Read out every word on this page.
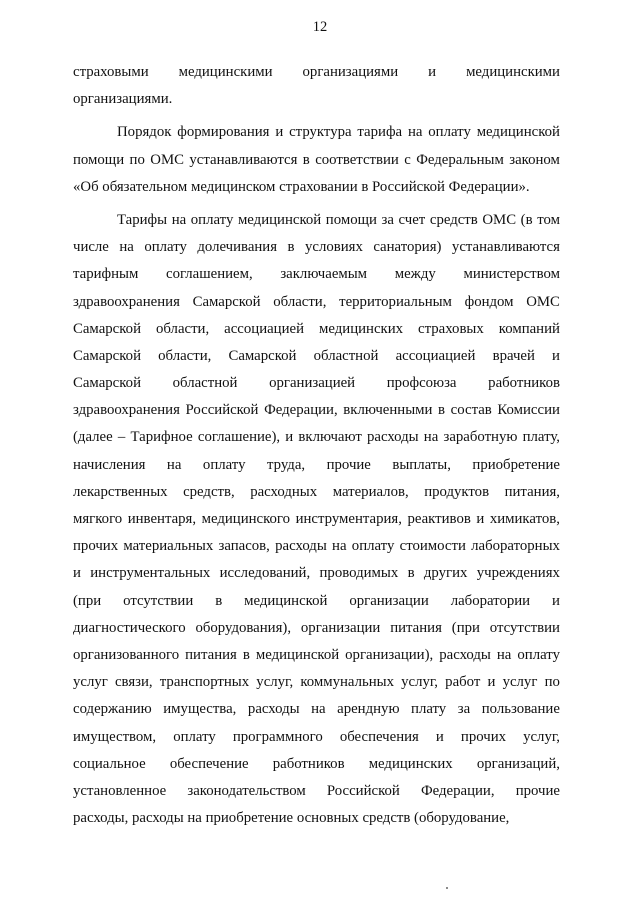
12
страховыми медицинскими организациями и медицинскими
организациями.
Порядок формирования и структура тарифа на оплату медицинской
помощи по ОМС устанавливаются в соответствии с Федеральным законом
«Об обязательном медицинском страховании в Российской Федерации».
Тарифы на оплату медицинской помощи за счет средств ОМС (в том
числе на оплату долечивания в условиях санатория) устанавливаются
тарифным соглашением, заключаемым между министерством
здравоохранения Самарской области, территориальным фондом ОМС
Самарской области, ассоциацией медицинских страховых компаний
Самарской области, Самарской областной ассоциацией врачей и
Самарской областной организацией профсоюза работников
здравоохранения Российской Федерации, включенными в состав Комиссии
(далее – Тарифное соглашение), и включают расходы на заработную плату,
начисления на оплату труда, прочие выплаты, приобретение
лекарственных средств, расходных материалов, продуктов питания,
мягкого инвентаря, медицинского инструментария, реактивов и химикатов,
прочих материальных запасов, расходы на оплату стоимости лабораторных
и инструментальных исследований, проводимых в других учреждениях
(при отсутствии в медицинской организации лаборатории и
диагностического оборудования), организации питания (при отсутствии
организованного питания в медицинской организации), расходы на оплату
услуг связи, транспортных услуг, коммунальных услуг, работ и услуг по
содержанию имущества, расходы на арендную плату за пользование
имуществом, оплату программного обеспечения и прочих услуг,
социальное обеспечение работников медицинских организаций,
установленное законодательством Российской Федерации, прочие
расходы,
расходы
на
приобретение
основных
средств
(оборудование,
